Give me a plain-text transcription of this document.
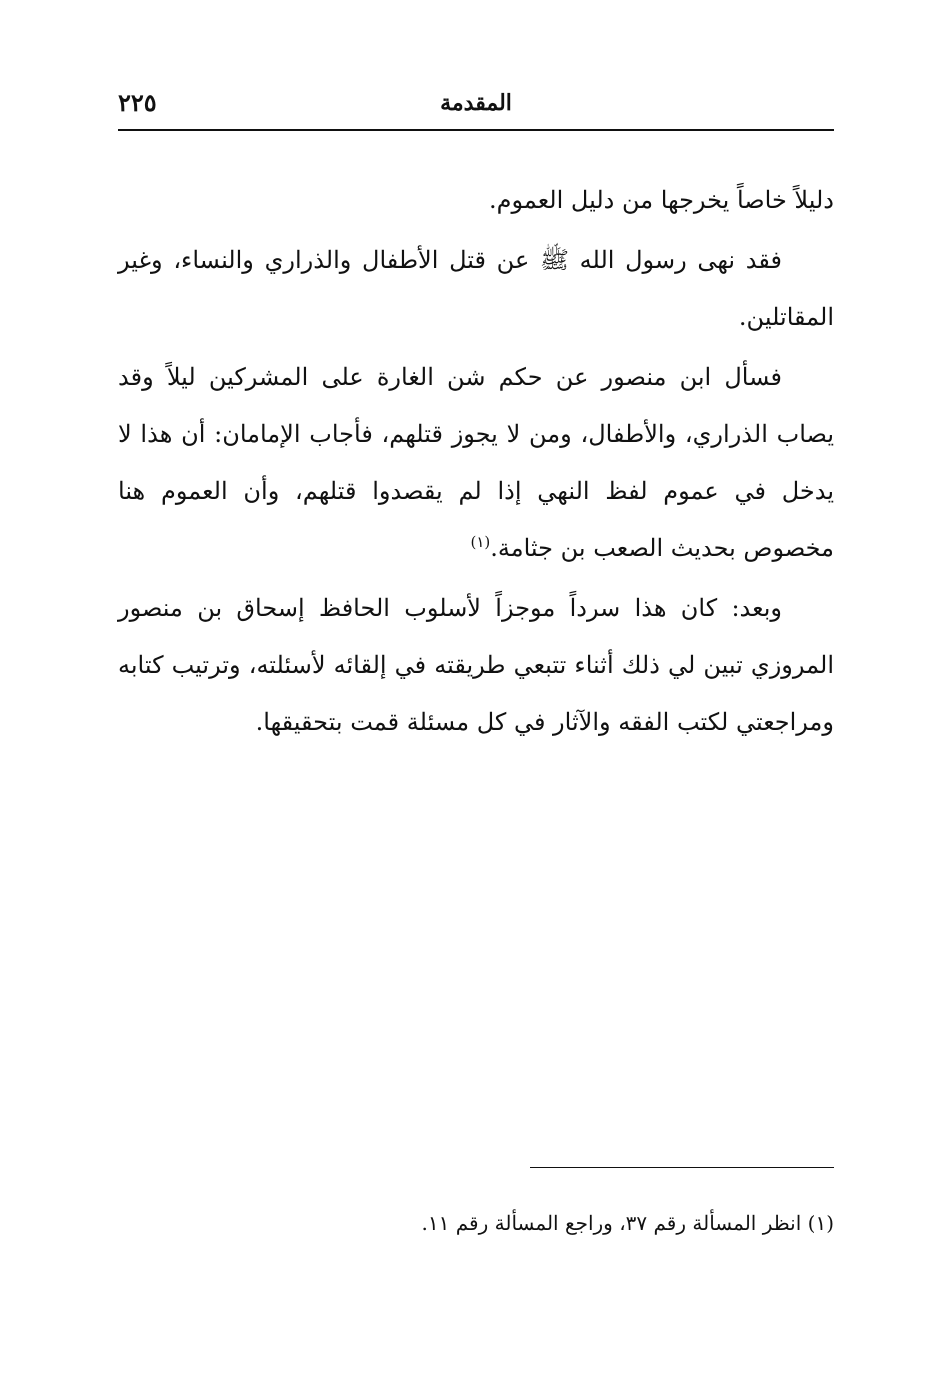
المقدمة
٢٢٥

دليلاً خاصاً يخرجها من دليل العموم.

فقد نهى رسول الله ﷺ عن قتل الأطفال والذراري والنساء، وغير المقاتلين.

فسأل ابن منصور عن حكم شن الغارة على المشركين ليلاً وقد يصاب الذراري، والأطفال، ومن لا يجوز قتلهم، فأجاب الإمامان: أن هذا لا يدخل في عموم لفظ النهي إذا لم يقصدوا قتلهم، وأن العموم هنا مخصوص بحديث الصعب بن جثامة.$^{(١)}$

وبعد: كان هذا سرداً موجزاً لأسلوب الحافظ إسحاق بن منصور المروزي تبين لي ذلك أثناء تتبعي طريقته في إلقائه لأسئلته، وترتيب كتابه ومراجعتي لكتب الفقه والآثار في كل مسئلة قمت بتحقيقها.

(١) انظر المسألة رقم ٣٧، وراجع المسألة رقم ١١.
